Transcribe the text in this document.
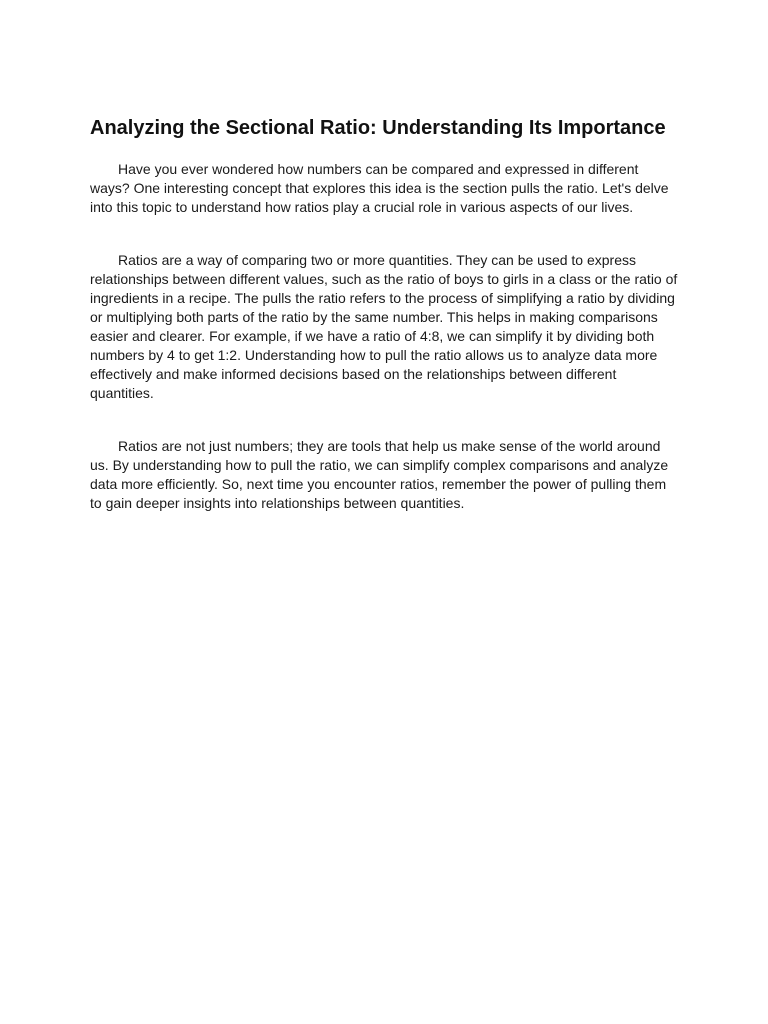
Analyzing the Sectional Ratio: Understanding Its Importance

Have you ever wondered how numbers can be compared and expressed in different ways? One interesting concept that explores this idea is the section pulls the ratio. Let's delve into this topic to understand how ratios play a crucial role in various aspects of our lives.

Ratios are a way of comparing two or more quantities. They can be used to express relationships between different values, such as the ratio of boys to girls in a class or the ratio of ingredients in a recipe. The pulls the ratio refers to the process of simplifying a ratio by dividing or multiplying both parts of the ratio by the same number. This helps in making comparisons easier and clearer. For example, if we have a ratio of 4:8, we can simplify it by dividing both numbers by 4 to get 1:2. Understanding how to pull the ratio allows us to analyze data more effectively and make informed decisions based on the relationships between different quantities.

Ratios are not just numbers; they are tools that help us make sense of the world around us. By understanding how to pull the ratio, we can simplify complex comparisons and analyze data more efficiently. So, next time you encounter ratios, remember the power of pulling them to gain deeper insights into relationships between quantities.
